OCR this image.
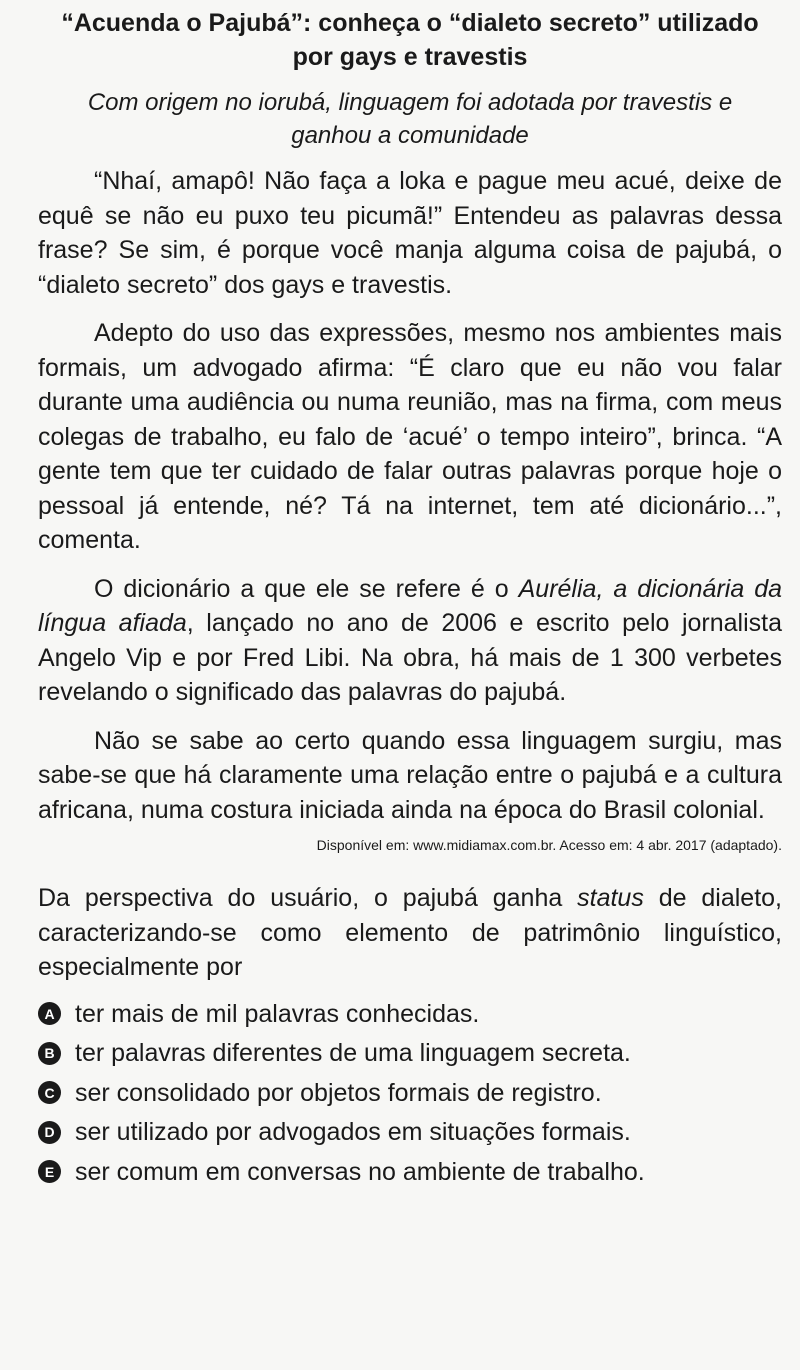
“Acuenda o Pajubá”: conheça o “dialeto secreto” utilizado por gays e travestis

Com origem no iorubá, linguagem foi adotada por travestis e ganhou a comunidade

“Nhaí, amapô! Não faça a loka e pague meu acué, deixe de equê se não eu puxo teu picumã!” Entendeu as palavras dessa frase? Se sim, é porque você manja alguma coisa de pajubá, o “dialeto secreto” dos gays e travestis.

Adepto do uso das expressões, mesmo nos ambientes mais formais, um advogado afirma: “É claro que eu não vou falar durante uma audiência ou numa reunião, mas na firma, com meus colegas de trabalho, eu falo de ‘acué’ o tempo inteiro”, brinca. “A gente tem que ter cuidado de falar outras palavras porque hoje o pessoal já entende, né? Tá na internet, tem até dicionário...”, comenta.

O dicionário a que ele se refere é o Aurélia, a dicionária da língua afiada, lançado no ano de 2006 e escrito pelo jornalista Angelo Vip e por Fred Libi. Na obra, há mais de 1 300 verbetes revelando o significado das palavras do pajubá.

Não se sabe ao certo quando essa linguagem surgiu, mas sabe-se que há claramente uma relação entre o pajubá e a cultura africana, numa costura iniciada ainda na época do Brasil colonial.

Disponível em: www.midiamax.com.br. Acesso em: 4 abr. 2017 (adaptado).

Da perspectiva do usuário, o pajubá ganha status de dialeto, caracterizando-se como elemento de patrimônio linguístico, especialmente por

A ter mais de mil palavras conhecidas.
B ter palavras diferentes de uma linguagem secreta.
C ser consolidado por objetos formais de registro.
D ser utilizado por advogados em situações formais.
E ser comum em conversas no ambiente de trabalho.
